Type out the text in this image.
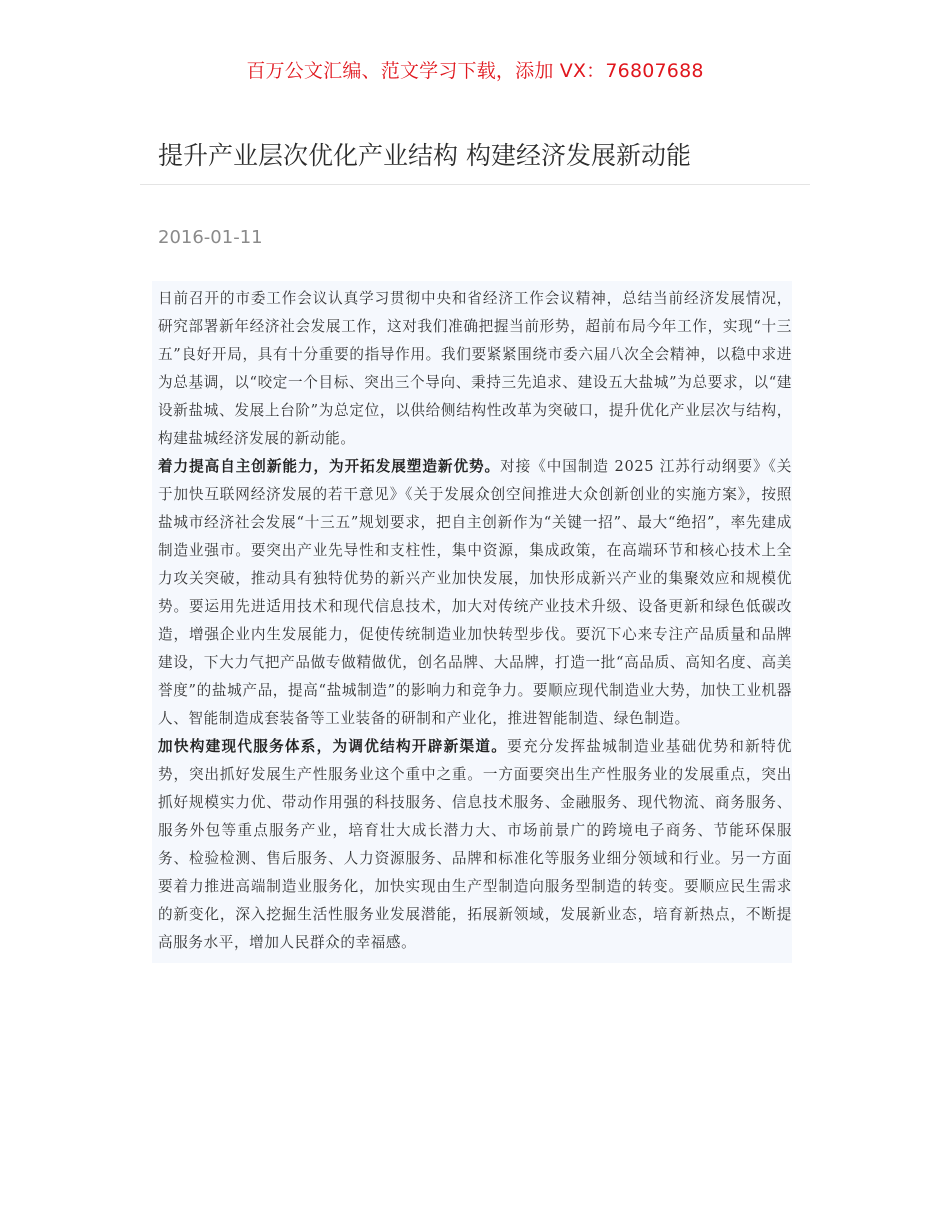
百万公文汇编、范文学习下载，添加 VX：76807688
提升产业层次优化产业结构 构建经济发展新动能
2016-01-11

日前召开的市委工作会议认真学习贯彻中央和省经济工作会议精神，总结当前经济发展情况，研究部署新年经济社会发展工作，这对我们准确把握当前形势，超前布局今年工作，实现“十三五”良好开局，具有十分重要的指导作用。我们要紧紧围绕市委六届八次全会精神，以稳中求进为总基调，以“咬定一个目标、突出三个导向、秉持三先追求、建设五大盐城”为总要求，以“建设新盐城、发展上台阶”为总定位，以供给侧结构性改革为突破口，提升优化产业层次与结构，构建盐城经济发展的新动能。

着力提高自主创新能力，为开拓发展塑造新优势。对接《中国制造 2025 江苏行动纲要》《关于加快互联网经济发展的若干意见》《关于发展众创空间推进大众创新创业的实施方案》，按照盐城市经济社会发展“十三五”规划要求，把自主创新作为“关键一招”、最大“绝招”，率先建成制造业强市。要突出产业先导性和支柱性，集中资源，集成政策，在高端环节和核心技术上全力攻关突破，推动具有独特优势的新兴产业加快发展，加快形成新兴产业的集聚效应和规模优势。要运用先进适用技术和现代信息技术，加大对传统产业技术升级、设备更新和绿色低碳改造，增强企业内生发展能力，促使传统制造业加快转型步伐。要沉下心来专注产品质量和品牌建设，下大力气把产品做专做精做优，创名品牌、大品牌，打造一批“高品质、高知名度、高美誉度”的盐城产品，提高“盐城制造”的影响力和竞争力。要顺应现代制造业大势，加快工业机器人、智能制造成套装备等工业装备的研制和产业化，推进智能制造、绿色制造。

加快构建现代服务体系，为调优结构开辟新渠道。要充分发挥盐城制造业基础优势和新特优势，突出抓好发展生产性服务业这个重中之重。一方面要突出生产性服务业的发展重点，突出抓好规模实力优、带动作用强的科技服务、信息技术服务、金融服务、现代物流、商务服务、服务外包等重点服务产业，培育壮大成长潜力大、市场前景广的跨境电子商务、节能环保服务、检验检测、售后服务、人力资源服务、品牌和标准化等服务业细分领域和行业。另一方面要着力推进高端制造业服务化，加快实现由生产型制造向服务型制造的转变。要顺应民生需求的新变化，深入挖掘生活性服务业发展潜能，拓展新领域，发展新业态，培育新热点，不断提高服务水平，增加人民群众的幸福感。
